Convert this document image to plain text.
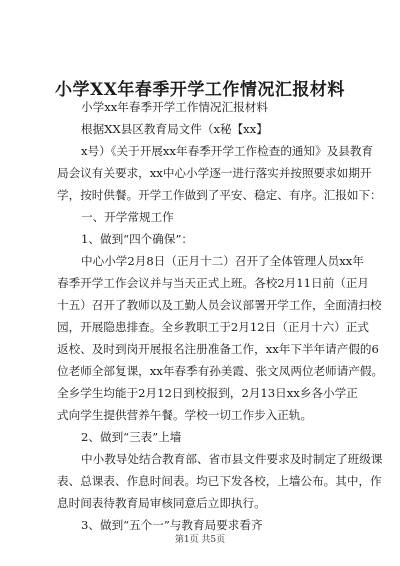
小学XX年春季开学工作情况汇报材料

小学xx年春季开学工作情况汇报材料

根据XX县区教育局文件（x秘【xx】

x号）《关于开展xx年春季开学工作检查的通知》及县教育

局会议有关要求，xx中心小学逐一进行落实并按照要求如期开

学，按时供餐。开学工作做到了平安、稳定、有序。汇报如下：

一、开学常规工作

1、做到“四个确保”：

中心小学2月8日（正月十二）召开了全体管理人员xx年

春季开学工作会议并与当天正式上班。各校2月11日前（正月

十五）召开了教师以及工勤人员会议部署开学工作，全面清扫校

园，开展隐患排查。全乡教职工于2月12日（正月十六）正式

返校、及时到岗开展报名注册准备工作，xx年下半年请产假的6

位老师全部复课，xx年春季有孙美霞、张文凤两位老师请产假。

全乡学生均能于2月12日到校报到，2月13日xx乡各小学正

式向学生提供营养午餐。学校一切工作步入正轨。

2、做到“三表”上墙

中小教导处结合教育部、省市县文件要求及时制定了班级课

表、总课表、作息时间表。均已下发各校，上墙公布。其中，作

息时间表待教育局审核同意后立即执行。

3、做到“五个一”与教育局要求看齐

第1页 共5页
